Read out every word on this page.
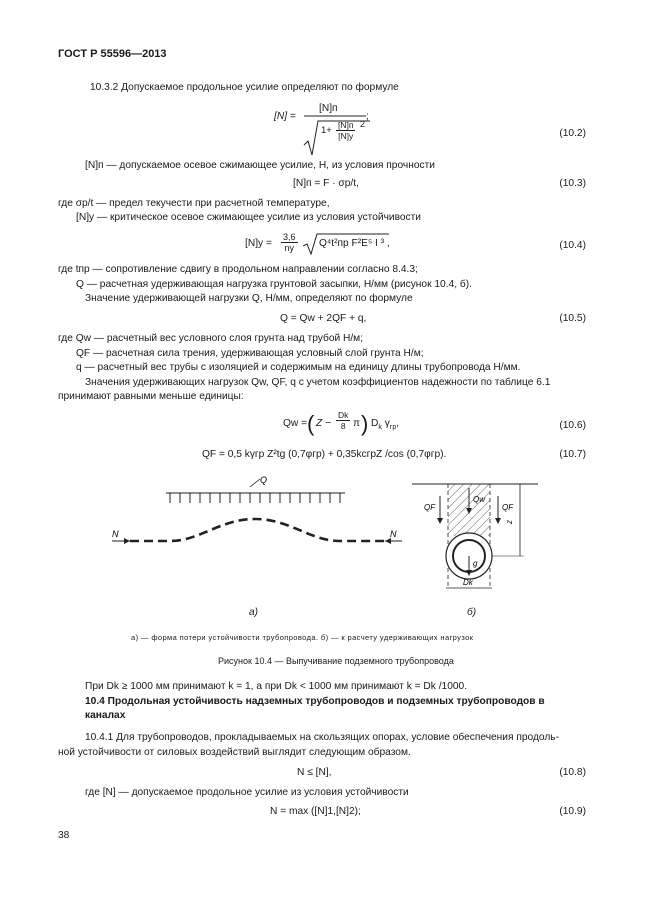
ГОСТ Р 55596—2013
10.3.2 Допускаемое продольное усилие определяют по формуле
[N] =
[N]п
1+ [N]п
[N]у
2
;
(10.2)
[N]п — допускаемое осевое сжимающее усилие, Н, из условия прочности
[N]п = F · σp/t,	(10.3)
где σp/t — предел текучести при расчетной температуре,
[N]у — критическое осевое сжимающее усилие из условия устойчивости
$[N]у = \frac{3,6}{ny} Q^4t^2пр$ F²E⁵ I ³ ,	(10.4)
где tпр — сопротивление сдвигу в продольном направлении согласно 8.4.3;
Q — расчетная удерживающая нагрузка грунтовой засыпки, Н/мм (рисунок 10.4, б).
Значение удерживающей нагрузки Q, Н/мм, определяют по формуле
Q = Qw + 2QF + q,	(10.5)
где Qw — расчетный вес условного слоя грунта над трубой Н/м;
QF — расчетная сила трения, удерживающая условный слой грунта Н/м;
q — расчетный вес трубы с изоляцией и содержимым на единицу длины трубопровода Н/мм.
Значения удерживающих нагрузок Qw, QF, q с учетом коэффициентов надежности по таблице 6.1
принимают равными меньше единицы:
Qw = ( $Z - \frac{Dk}{8}$ π ) $D_k$ $\gamma_{гр}$,	(10.6)
QF = 0,5 kγгр Z²tg (0,7φгр) + 0,35kcгрZ /cos (0,7φгр).	(10.7)
Q
N	N
а)
g
Qw
QF	QF
z
Dk
б)
а) — форма потери устойчивости трубопровода. б) — к расчету удерживающих нагрузок
Рисунок 10.4 — Выпучивание подземного трубопровода
При Dk ≥ 1000 мм принимают k = 1, а при Dk < 1000 мм принимают k = Dk /1000.
10.4 Продольная устойчивость надземных трубопроводов и подземных трубопроводов в
каналах
10.4.1 Для трубопроводов, прокладываемых на скользящих опорах, условие обеспечения продоль-
ной устойчивости от силовых воздействий выглядит следующим образом.
N ≤ [N],	(10.8)
где [N] — допускаемое продольное усилие из условия устойчивости
N = max ([N]1,[N]2);	(10.9)
38
